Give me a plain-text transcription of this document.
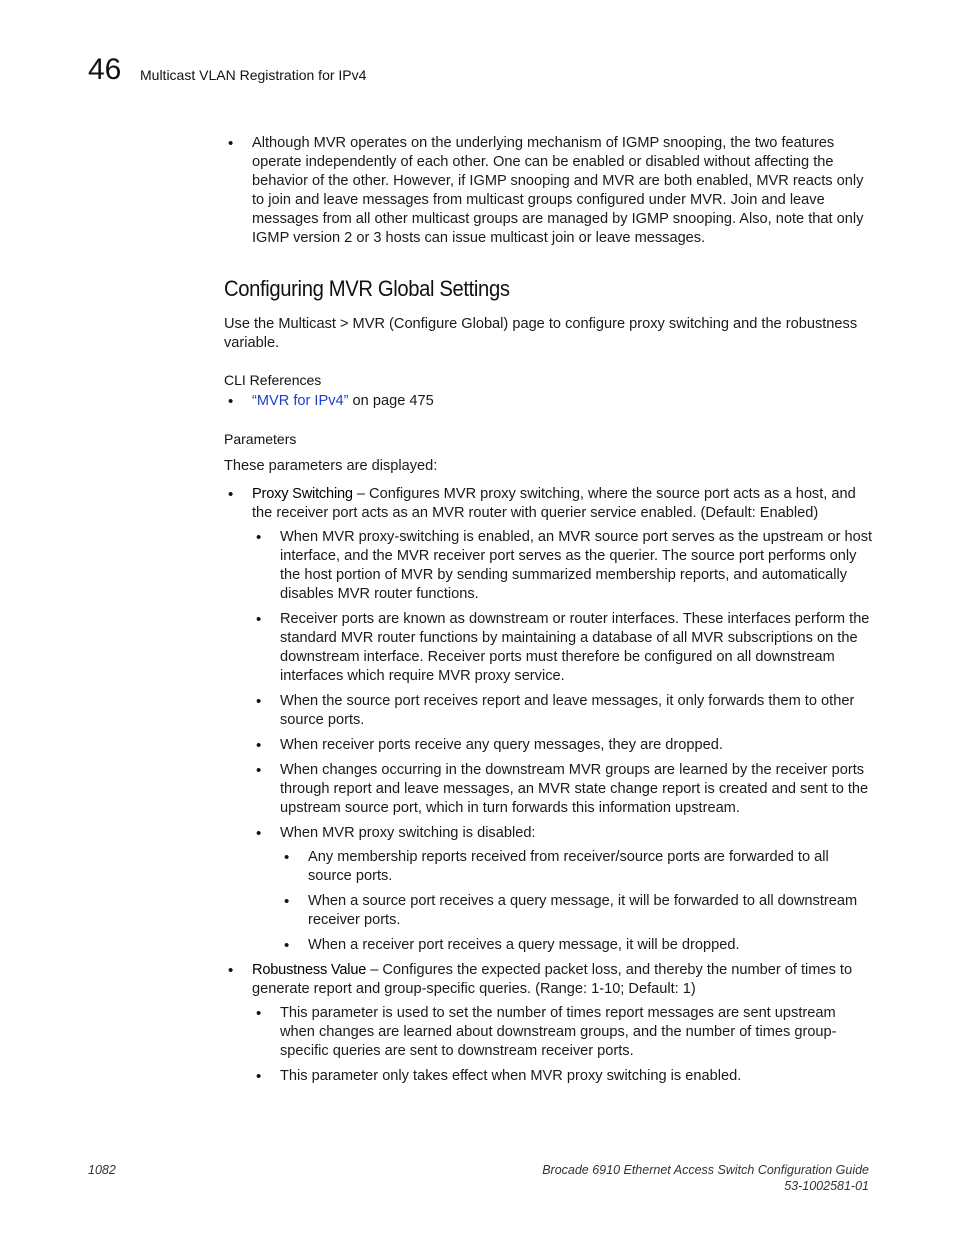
46 Multicast VLAN Registration for IPv4

• Although MVR operates on the underlying mechanism of IGMP snooping, the two features operate independently of each other. One can be enabled or disabled without affecting the behavior of the other. However, if IGMP snooping and MVR are both enabled, MVR reacts only to join and leave messages from multicast groups configured under MVR. Join and leave messages from all other multicast groups are managed by IGMP snooping. Also, note that only IGMP version 2 or 3 hosts can issue multicast join or leave messages.

Configuring MVR Global Settings

Use the Multicast > MVR (Configure Global) page to configure proxy switching and the robustness variable.

CLI References

• “MVR for IPv4” on page 475

Parameters

These parameters are displayed:

• Proxy Switching – Configures MVR proxy switching, where the source port acts as a host, and the receiver port acts as an MVR router with querier service enabled. (Default: Enabled)

• When MVR proxy-switching is enabled, an MVR source port serves as the upstream or host interface, and the MVR receiver port serves as the querier. The source port performs only the host portion of MVR by sending summarized membership reports, and automatically disables MVR router functions.

• Receiver ports are known as downstream or router interfaces. These interfaces perform the standard MVR router functions by maintaining a database of all MVR subscriptions on the downstream interface. Receiver ports must therefore be configured on all downstream interfaces which require MVR proxy service.

• When the source port receives report and leave messages, it only forwards them to other source ports.

• When receiver ports receive any query messages, they are dropped.

• When changes occurring in the downstream MVR groups are learned by the receiver ports through report and leave messages, an MVR state change report is created and sent to the upstream source port, which in turn forwards this information upstream.

• When MVR proxy switching is disabled:

• Any membership reports received from receiver/source ports are forwarded to all source ports.

• When a source port receives a query message, it will be forwarded to all downstream receiver ports.

• When a receiver port receives a query message, it will be dropped.

• Robustness Value – Configures the expected packet loss, and thereby the number of times to generate report and group-specific queries. (Range: 1-10; Default: 1)

• This parameter is used to set the number of times report messages are sent upstream when changes are learned about downstream groups, and the number of times group-specific queries are sent to downstream receiver ports.

• This parameter only takes effect when MVR proxy switching is enabled.

1082	Brocade 6910 Ethernet Access Switch Configuration Guide
53-1002581-01
